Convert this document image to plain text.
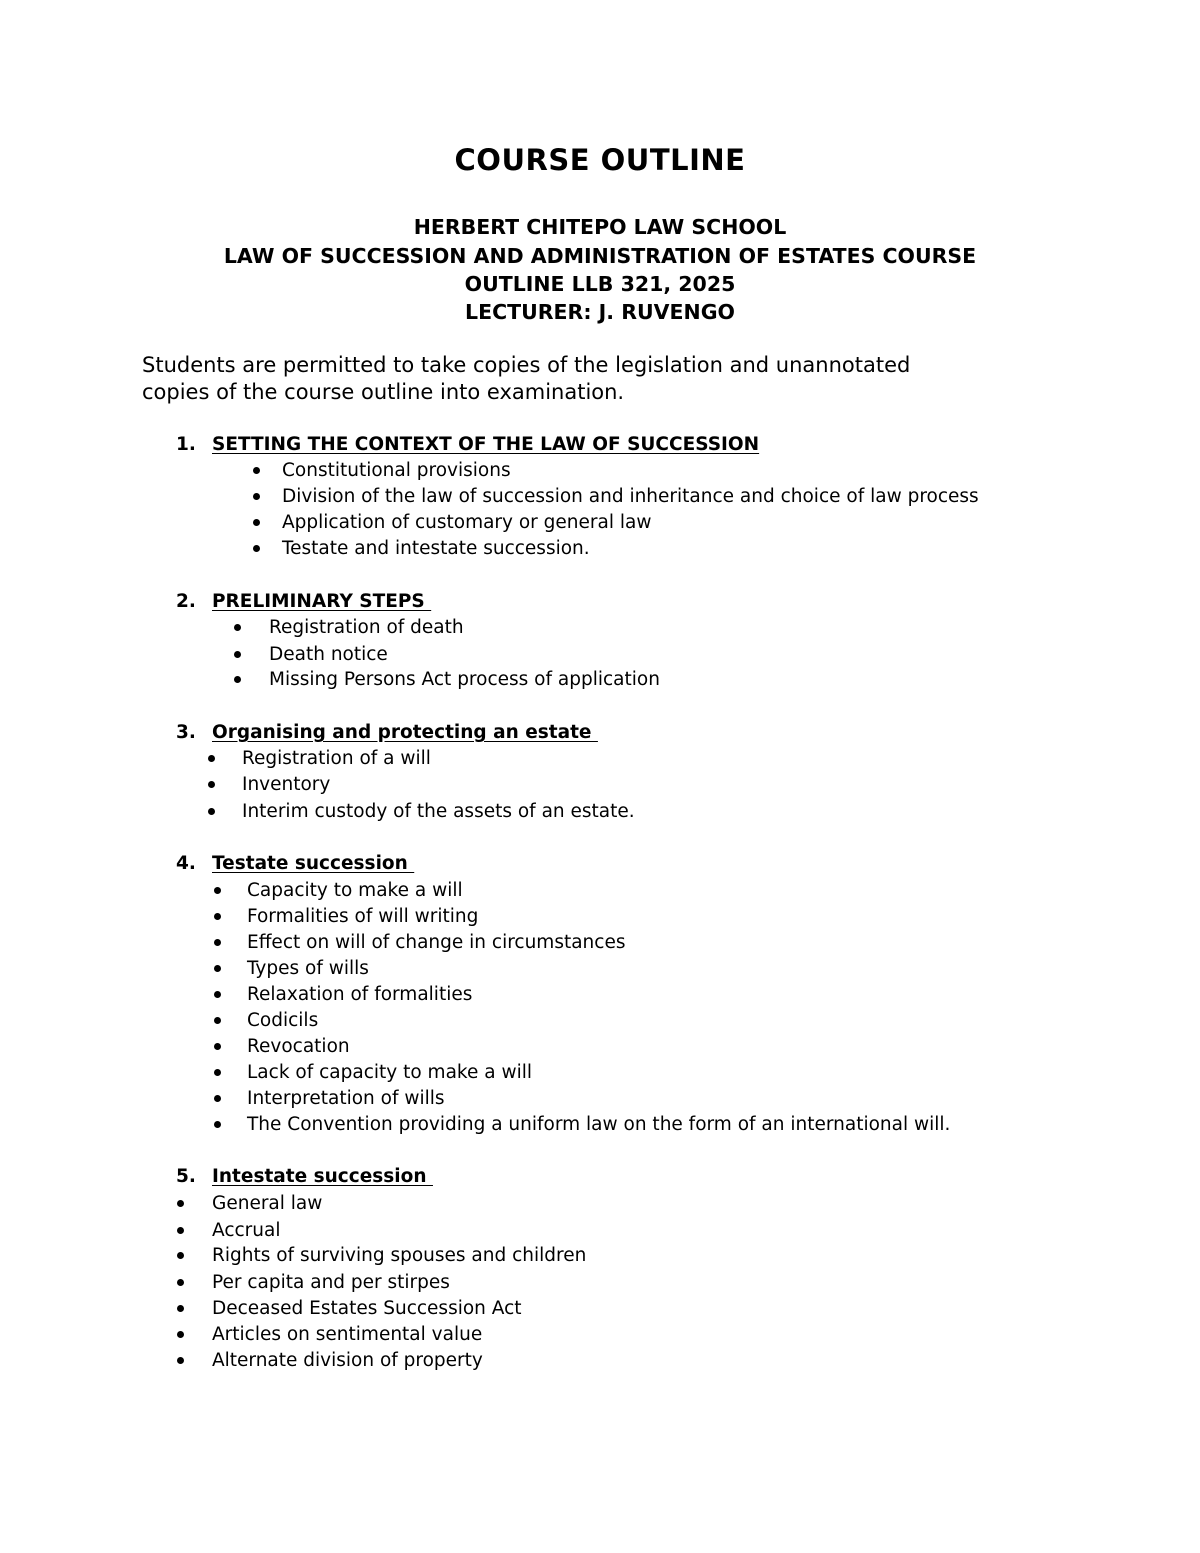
COURSE OUTLINE
HERBERT CHITEPO LAW SCHOOL
LAW OF SUCCESSION AND ADMINISTRATION OF ESTATES COURSE
OUTLINE LLB 321, 2025
LECTURER: J. RUVENGO
Students are permitted to take copies of the legislation and unannotated
copies of the course outline into examination.
1. SETTING THE CONTEXT OF THE LAW OF SUCCESSION
Constitutional provisions
Division of the law of succession and inheritance and choice of law process
Application of customary or general law
Testate and intestate succession.
2. PRELIMINARY STEPS
Registration of death
Death notice
Missing Persons Act process of application
3. Organising and protecting an estate
Registration of a will
Inventory
Interim custody of the assets of an estate.
4. Testate succession
Capacity to make a will
Formalities of will writing
Effect on will of change in circumstances
Types of wills
Relaxation of formalities
Codicils
Revocation
Lack of capacity to make a will
Interpretation of wills
The Convention providing a uniform law on the form of an international will.
5. Intestate succession
General law
Accrual
Rights of surviving spouses and children
Per capita and per stirpes
Deceased Estates Succession Act
Articles on sentimental value
Alternate division of property
